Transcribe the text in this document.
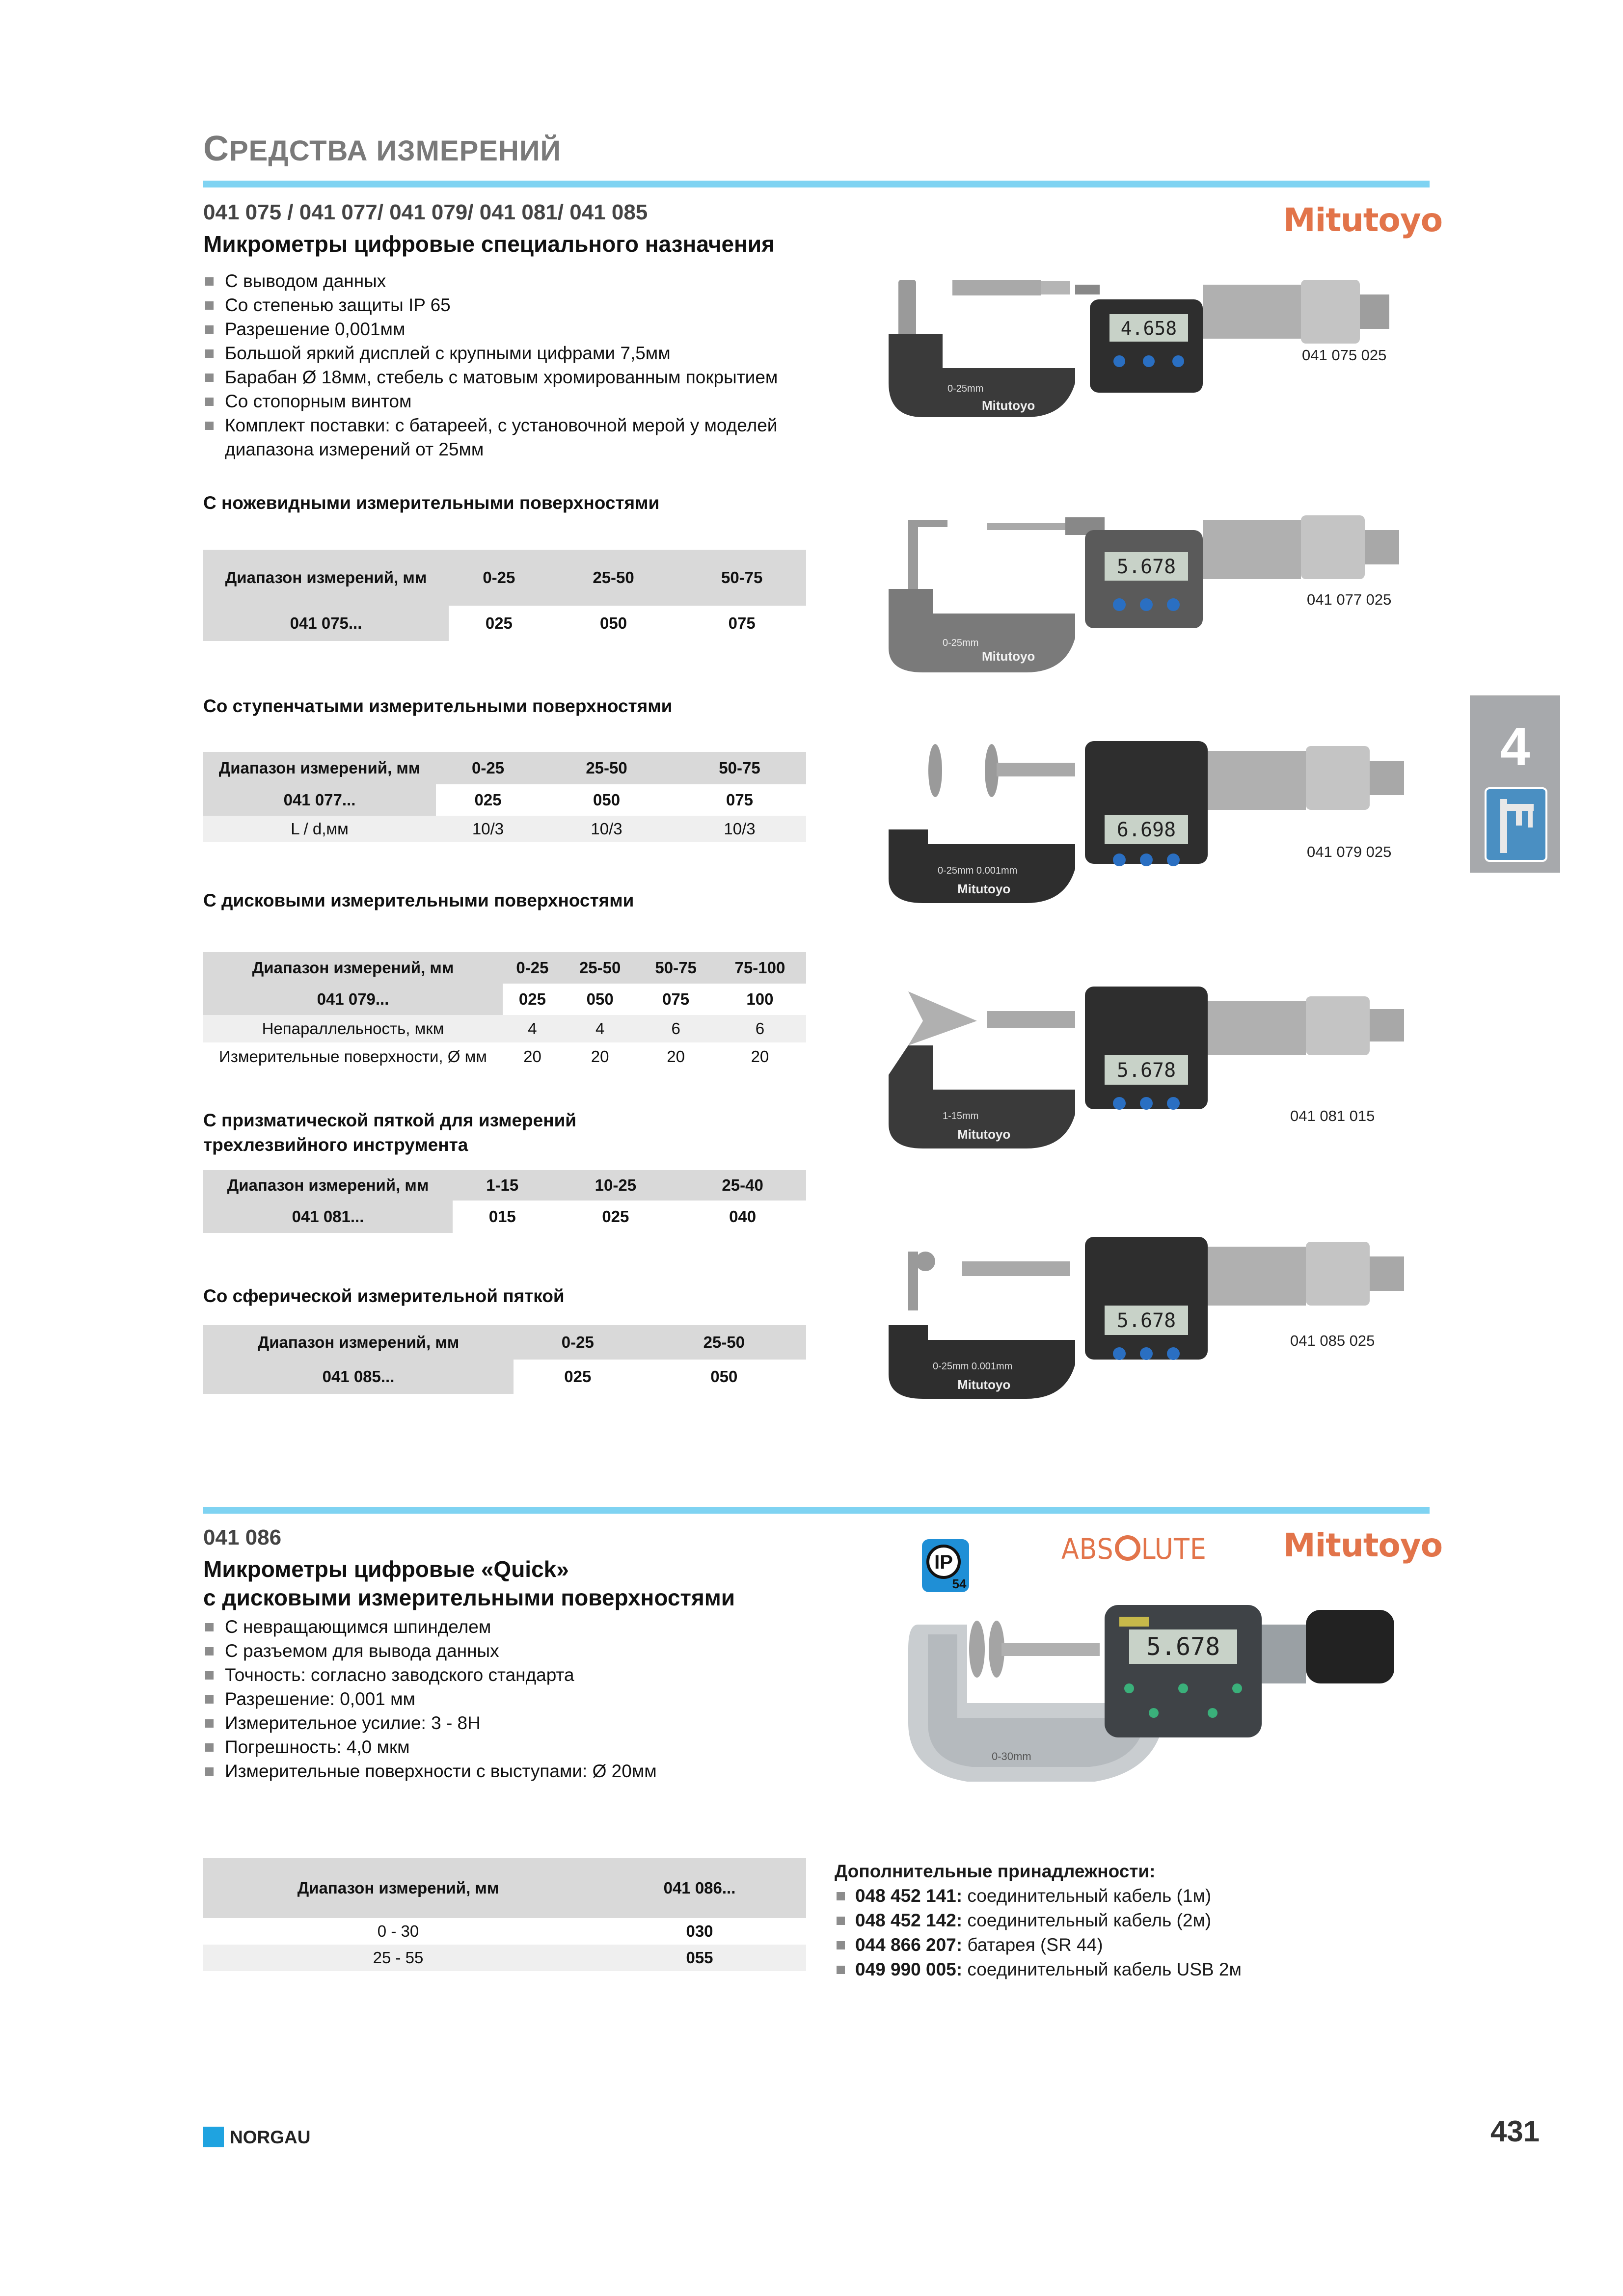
СРЕДСТВА ИЗМЕРЕНИЙ
041 075 / 041 077/ 041 079/ 041 081/ 041 085
Микрометры цифровые специального назначения
Mitutoyo
С выводом данных
Со степенью защиты IP 65
Разрешение 0,001мм
Большой яркий дисплей с крупными цифрами 7,5мм
Барабан Ø 18мм, стебель с матовым хромированным покрытием
Со стопорным винтом
Комплект поставки: с батареей, с установочной мерой у моделей диапазона измерений от 25мм
С ножевидными измерительными поверхностями
Диапазон измерений, мм	0-25	25-50	50-75
041 075...	025	050	075
Со ступенчатыми измерительными поверхностями
Диапазон измерений, мм	0-25	25-50	50-75
041 077...	025	050	075
L / d,мм	10/3	10/3	10/3
С дисковыми измерительными поверхностями
Диапазон измерений, мм	0-25	25-50	50-75	75-100
041 079...	025	050	075	100
Непараллельность, мкм	4	4	6	6
Измерительные поверхности, Ø мм	20	20	20	20
С призматической пяткой для измерений
трехлезвийного инструмента
Диапазон измерений, мм	1-15	10-25	25-40
041 081...	015	025	040
Со сферической измерительной пяткой
Диапазон измерений, мм	0-25	25-50
041 085...	025	050
4.658
0-25mm
Mitutoyo
041 075 025
5.678
0-25mm
Mitutoyo
041 077 025
6.698
0-25mm 0.001mm
Mitutoyo
041 079 025
5.678
1-15mm
Mitutoyo
041 081 015
5.678
0-25mm 0.001mm
Mitutoyo
041 085 025
4
041 086
Микрометры цифровые «Quick»
с дисковыми измерительными поверхностями
IP
54
ABS LUTE Mitutoyo
С невращающимся шпинделем
С разъемом для вывода данных
Точность: согласно заводского стандарта
Разрешение: 0,001 мм
Измерительное усилие: 3 - 8Н
Погрешность: 4,0 мкм
Измерительные поверхности с выступами: Ø 20мм
5.678
0-30mm
Диапазон измерений, мм	041 086...
0 - 30	030
25 - 55	055
Дополнительные принадлежности:
048 452 141: соединительный кабель (1м)
048 452 142: соединительный кабель (2м)
044 866 207: батарея (SR 44)
049 990 005: соединительный кабель USB 2м
NORGAU	431
